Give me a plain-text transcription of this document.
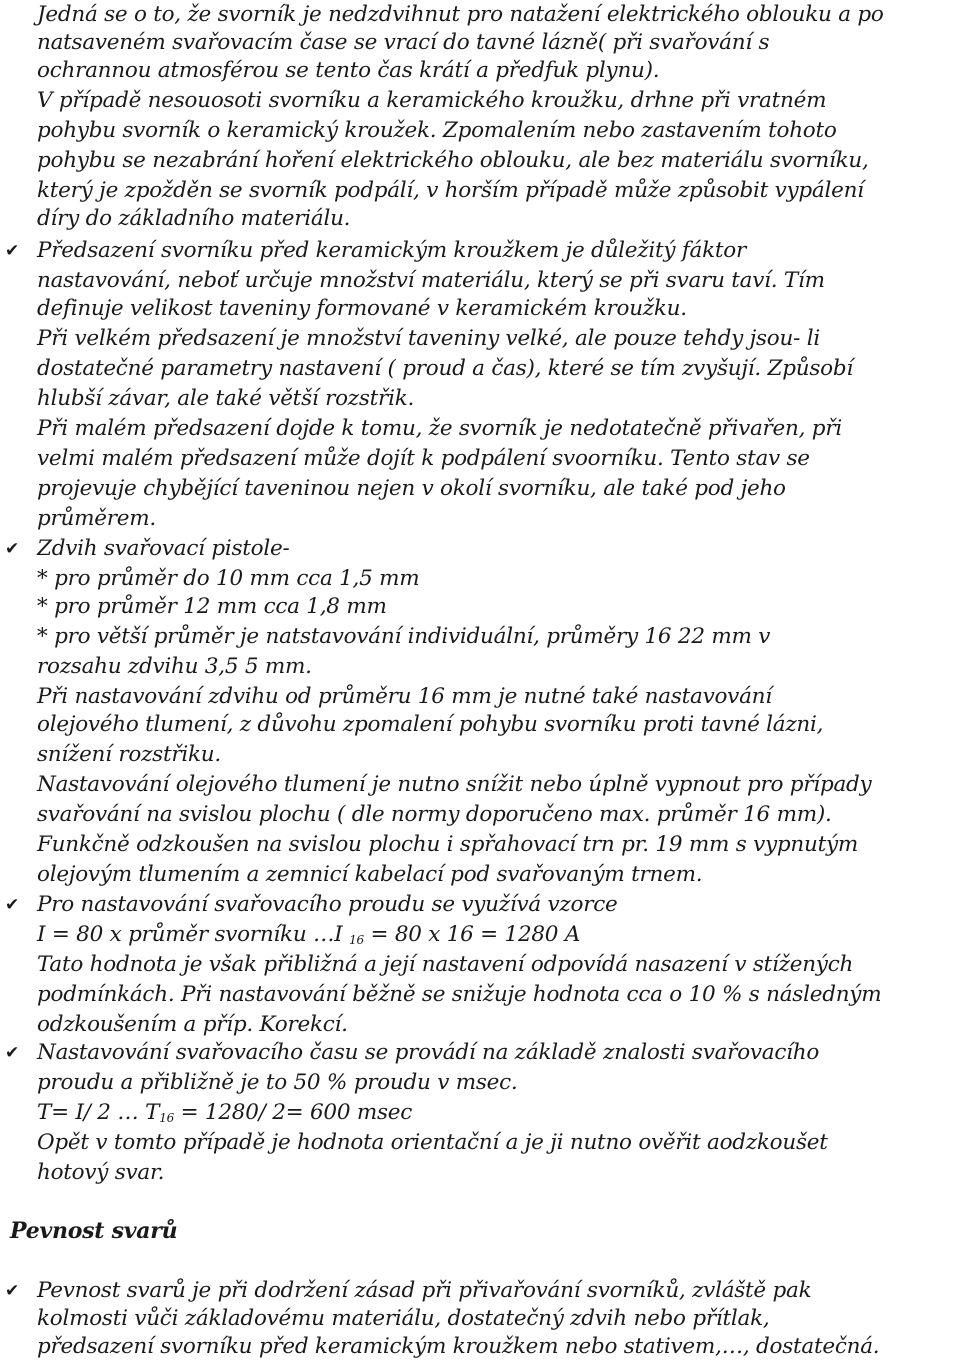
Jedná se o to, že svorník je nedzdvihnut pro natažení elektrického oblouku a po
natsaveném svařovacím čase se vrací do tavné lázně( při svařování s
ochrannou atmosférou se tento čas krátí a předfuk plynu).
V případě nesouosoti svorníku a keramického kroužku, drhne při vratném
pohybu svorník o keramický kroužek. Zpomalením nebo zastavením tohoto
pohybu se nezabrání hoření elektrického oblouku, ale bez materiálu svorníku,
který je zpožděn se svorník podpálí, v horším případě může způsobit vypálení
díry do základního materiálu.
✔ Předsazení svorníku před keramickým kroužkem je důležitý fáktor
nastavování, neboť určuje množství materiálu, který se při svaru taví. Tím
definuje velikost taveniny formované v keramickém kroužku.
Při velkém předsazení je množství taveniny velké, ale pouze tehdy jsou- li
dostatečné parametry nastavení ( proud a čas), které se tím zvyšují. Způsobí
hlubší závar, ale také větší rozstřik.
Při malém předsazení dojde k tomu, že svorník je nedotatečně přivařen, při
velmi malém předsazení může dojít k podpálení svoorníku. Tento stav se
projevuje chybějící taveninou nejen v okolí svorníku, ale také pod jeho
průměrem.
✔ Zdvih svařovací pistole-
* pro průměr do 10 mm cca 1,5 mm
* pro průměr 12 mm cca 1,8 mm
* pro větší průměr je natstavování individuální, průměry 16 22 mm v
rozsahu zdvihu 3,5 5 mm.
Při nastavování zdvihu od průměru 16 mm je nutné také nastavování
olejového tlumení, z důvohu zpomalení pohybu svorníku proti tavné lázni,
snížení rozstřiku.
Nastavování olejového tlumení je nutno snížit nebo úplně vypnout pro případy
svařování na svislou plochu ( dle normy doporučeno max. průměr 16 mm).
Funkčně odzkoušen na svislou plochu i spřahovací trn pr. 19 mm s vypnutým
olejovým tlumením a zemnicí kabelací pod svařovaným trnem.
✔ Pro nastavování svařovacího proudu se využívá vzorce
I = 80 x průměr svorníku …I $_{16}$ = 80 x 16 = 1280 A
Tato hodnota je však přibližná a její nastavení odpovídá nasazení v stížených
podmínkách. Při nastavování běžně se snižuje hodnota cca o 10 % s následným
odzkoušením a příp. Korekcí.
✔ Nastavování svařovacího času se provádí na základě znalosti svařovacího
proudu a přibližně je to 50 % proudu v msec.
T= I/ 2 … $T_{16} = 1280/$ 2= 600 msec
Opět v tomto případě je hodnota orientační a je ji nutno ověřit aodzkoušet
hotový svar.
Pevnost svarů
✔ Pevnost svarů je při dodržení zásad při přivařování svorníků, zvláště pak
kolmosti vůči základovému materiálu, dostatečný zdvih nebo přítlak,
předsazení svorníku před keramickým kroužkem nebo stativem,…, dostatečná.
